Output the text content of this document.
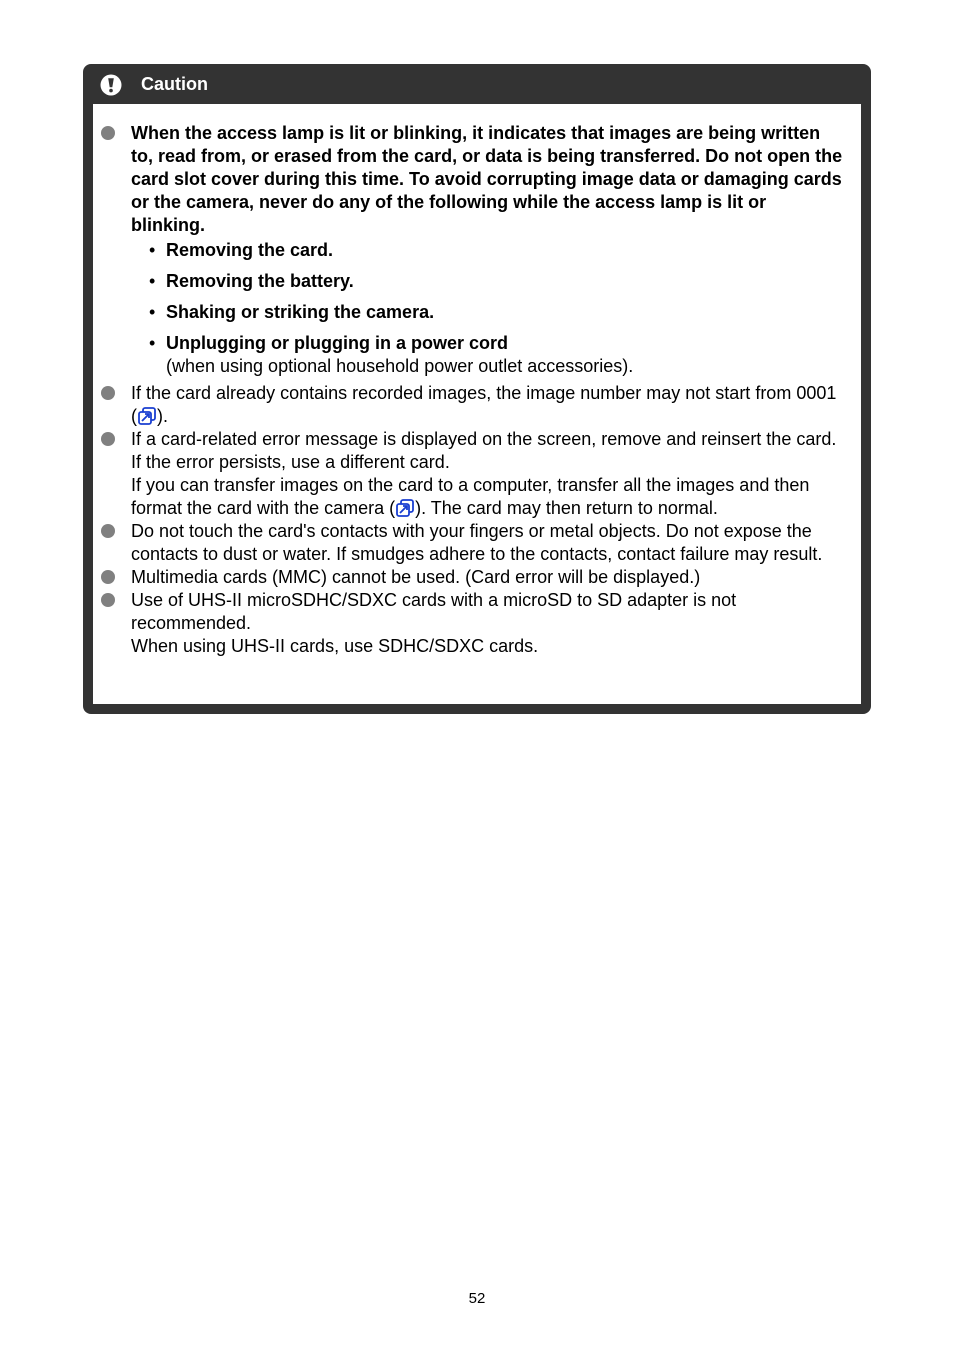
Caution
When the access lamp is lit or blinking, it indicates that images are being written to, read from, or erased from the card, or data is being transferred. Do not open the card slot cover during this time. To avoid corrupting image data or damaging cards or the camera, never do any of the following while the access lamp is lit or blinking.
• Removing the card.
• Removing the battery.
• Shaking or striking the camera.
• Unplugging or plugging in a power cord
(when using optional household power outlet accessories).
If the card already contains recorded images, the image number may not start from 0001 ( ).
If a card-related error message is displayed on the screen, remove and reinsert the card. If the error persists, use a different card.
If you can transfer images on the card to a computer, transfer all the images and then format the card with the camera ( ). The card may then return to normal.
Do not touch the card's contacts with your fingers or metal objects. Do not expose the contacts to dust or water. If smudges adhere to the contacts, contact failure may result.
Multimedia cards (MMC) cannot be used. (Card error will be displayed.)
Use of UHS-II microSDHC/SDXC cards with a microSD to SD adapter is not recommended.
When using UHS-II cards, use SDHC/SDXC cards.
52
